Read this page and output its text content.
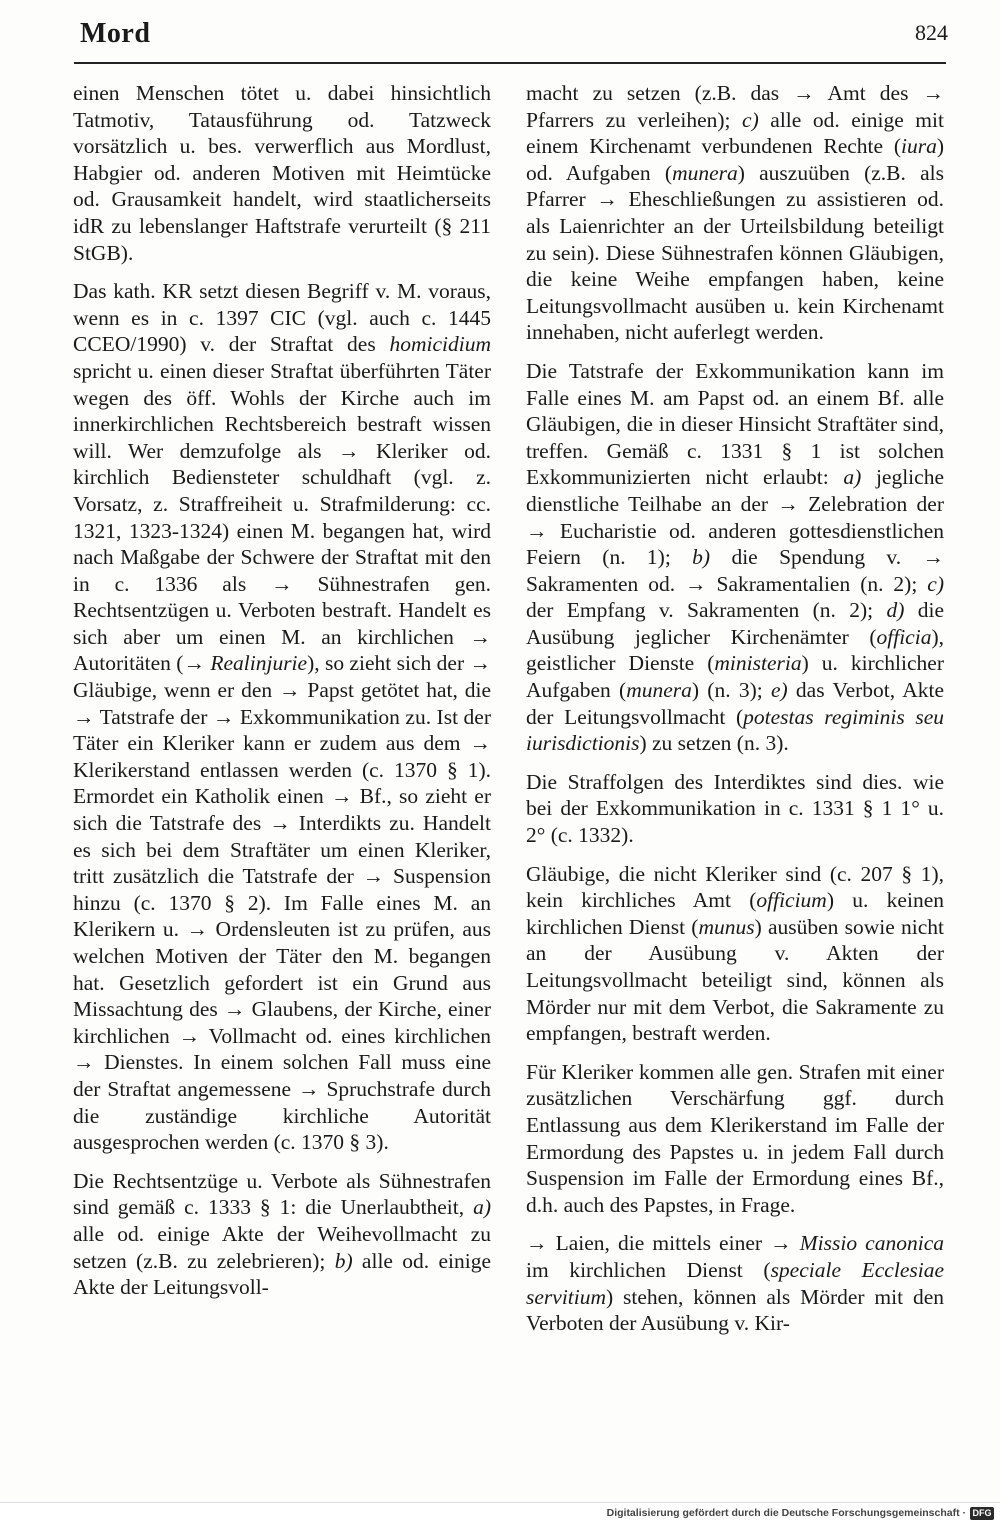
Mord	824

einen Menschen tötet u. dabei hinsichtlich Tatmotiv, Tatausführung od. Tatzweck vorsätzlich u. bes. verwerflich aus Mordlust, Habgier od. anderen Motiven mit Heimtücke od. Grausamkeit handelt, wird staatlicherseits idR zu lebenslanger Haftstrafe verurteilt (§ 211 StGB).

Das kath. KR setzt diesen Begriff v. M. voraus, wenn es in c. 1397 CIC (vgl. auch c. 1445 CCEO/1990) v. der Straftat des homicidium spricht u. einen dieser Straftat überführten Täter wegen des öff. Wohls der Kirche auch im innerkirchlichen Rechtsbereich bestraft wissen will. Wer demzufolge als → Kleriker od. kirchlich Bediensteter schuldhaft (vgl. z. Vorsatz, z. Straffreiheit u. Strafmilderung: cc. 1321, 1323-1324) einen M. begangen hat, wird nach Maßgabe der Schwere der Straftat mit den in c. 1336 als → Sühnestrafen gen. Rechtsentzügen u. Verboten bestraft. Handelt es sich aber um einen M. an kirchlichen → Autoritäten (→ Realinjurie), so zieht sich der → Gläubige, wenn er den → Papst getötet hat, die → Tatstrafe der → Exkommunikation zu. Ist der Täter ein Kleriker kann er zudem aus dem → Klerikerstand entlassen werden (c. 1370 § 1). Ermordet ein Katholik einen → Bf., so zieht er sich die Tatstrafe des → Interdikts zu. Handelt es sich bei dem Straftäter um einen Kleriker, tritt zusätzlich die Tatstrafe der → Suspension hinzu (c. 1370 § 2). Im Falle eines M. an Klerikern u. → Ordensleuten ist zu prüfen, aus welchen Motiven der Täter den M. begangen hat. Gesetzlich gefordert ist ein Grund aus Missachtung des → Glaubens, der Kirche, einer kirchlichen → Vollmacht od. eines kirchlichen → Dienstes. In einem solchen Fall muss eine der Straftat angemessene → Spruchstrafe durch die zuständige kirchliche Autorität ausgesprochen werden (c. 1370 § 3).

Die Rechtsentzüge u. Verbote als Sühnestrafen sind gemäß c. 1333 § 1: die Unerlaubtheit, a) alle od. einige Akte der Weihevollmacht zu setzen (z.B. zu zelebrieren); b) alle od. einige Akte der Leitungsvoll-

macht zu setzen (z.B. das → Amt des → Pfarrers zu verleihen); c) alle od. einige mit einem Kirchenamt verbundenen Rechte (iura) od. Aufgaben (munera) auszuüben (z.B. als Pfarrer → Eheschließungen zu assistieren od. als Laienrichter an der Urteilsbildung beteiligt zu sein). Diese Sühnestrafen können Gläubigen, die keine Weihe empfangen haben, keine Leitungsvollmacht ausüben u. kein Kirchenamt innehaben, nicht auferlegt werden.

Die Tatstrafe der Exkommunikation kann im Falle eines M. am Papst od. an einem Bf. alle Gläubigen, die in dieser Hinsicht Straftäter sind, treffen. Gemäß c. 1331 § 1 ist solchen Exkommunizierten nicht erlaubt: a) jegliche dienstliche Teilhabe an der → Zelebration der → Eucharistie od. anderen gottesdienstlichen Feiern (n. 1); b) die Spendung v. → Sakramenten od. → Sakramentalien (n. 2); c) der Empfang v. Sakramenten (n. 2); d) die Ausübung jeglicher Kirchenämter (officia), geistlicher Dienste (ministeria) u. kirchlicher Aufgaben (munera) (n. 3); e) das Verbot, Akte der Leitungsvollmacht (potestas regiminis seu iurisdictionis) zu setzen (n. 3).

Die Straffolgen des Interdiktes sind dies. wie bei der Exkommunikation in c. 1331 § 1 1° u. 2° (c. 1332).

Gläubige, die nicht Kleriker sind (c. 207 § 1), kein kirchliches Amt (officium) u. keinen kirchlichen Dienst (munus) ausüben sowie nicht an der Ausübung v. Akten der Leitungsvollmacht beteiligt sind, können als Mörder nur mit dem Verbot, die Sakramente zu empfangen, bestraft werden.

Für Kleriker kommen alle gen. Strafen mit einer zusätzlichen Verschärfung ggf. durch Entlassung aus dem Klerikerstand im Falle der Ermordung des Papstes u. in jedem Fall durch Suspension im Falle der Ermordung eines Bf., d.h. auch des Papstes, in Frage.

→ Laien, die mittels einer → Missio canonica im kirchlichen Dienst (speciale Ecclesiae servitium) stehen, können als Mörder mit den Verboten der Ausübung v. Kir-

Digitalisierung gefördert durch die Deutsche Forschungsgemeinschaft · DFG
